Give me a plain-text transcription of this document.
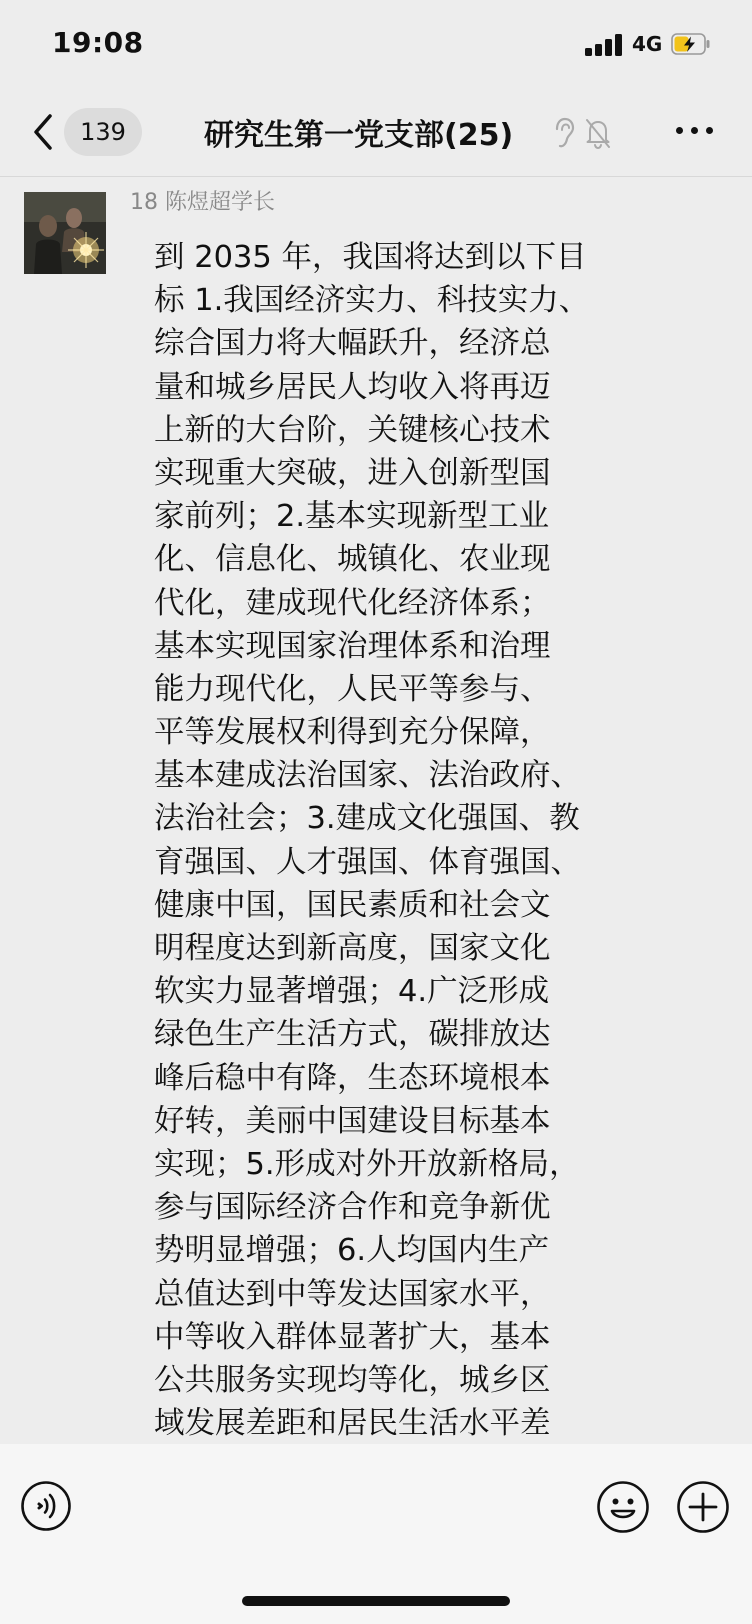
19:08	4G
139	研究生第一党支部(25)
18 陈煜超学长
到 2035 年，我国将达到以下目
标 1.我国经济实力、科技实力、
综合国力将大幅跃升，经济总
量和城乡居民人均收入将再迈
上新的大台阶，关键核心技术
实现重大突破，进入创新型国
家前列；2.基本实现新型工业
化、信息化、城镇化、农业现
代化，建成现代化经济体系；
基本实现国家治理体系和治理
能力现代化，人民平等参与、
平等发展权利得到充分保障，
基本建成法治国家、法治政府、
法治社会；3.建成文化强国、教
育强国、人才强国、体育强国、
健康中国，国民素质和社会文
明程度达到新高度，国家文化
软实力显著增强；4.广泛形成
绿色生产生活方式，碳排放达
峰后稳中有降，生态环境根本
好转，美丽中国建设目标基本
实现；5.形成对外开放新格局，
参与国际经济合作和竞争新优
势明显增强；6.人均国内生产
总值达到中等发达国家水平，
中等收入群体显著扩大，基本
公共服务实现均等化，城乡区
域发展差距和居民生活水平差
